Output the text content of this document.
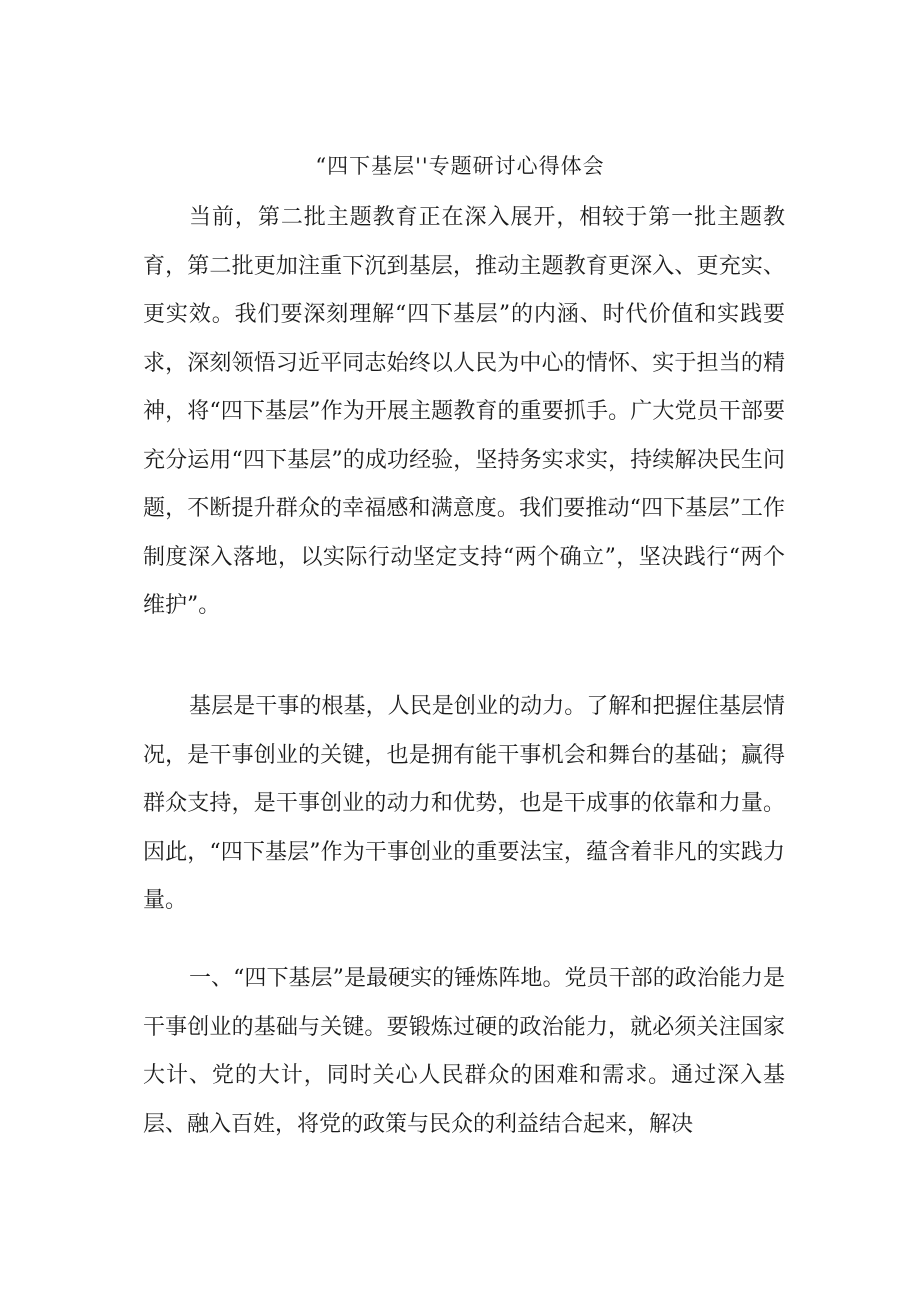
“四下基层''专题研讨心得体会

当前，第二批主题教育正在深入展开，相较于第一批主题教育，第二批更加注重下沉到基层，推动主题教育更深入、更充实、更实效。我们要深刻理解“四下基层”的内涵、时代价值和实践要求，深刻领悟习近平同志始终以人民为中心的情怀、实于担当的精神，将“四下基层”作为开展主题教育的重要抓手。广大党员干部要充分运用“四下基层”的成功经验，坚持务实求实，持续解决民生问题，不断提升群众的幸福感和满意度。我们要推动“四下基层”工作制度深入落地，以实际行动坚定支持“两个确立”，坚决践行“两个维护”。

基层是干事的根基，人民是创业的动力。了解和把握住基层情况，是干事创业的关键，也是拥有能干事机会和舞台的基础；赢得群众支持，是干事创业的动力和优势，也是干成事的依靠和力量。因此，“四下基层”作为干事创业的重要法宝，蕴含着非凡的实践力量。

一、“四下基层”是最硬实的锤炼阵地。党员干部的政治能力是干事创业的基础与关键。要锻炼过硬的政治能力，就必须关注国家大计、党的大计，同时关心人民群众的困难和需求。通过深入基层、融入百姓，将党的政策与民众的利益结合起来，解决
